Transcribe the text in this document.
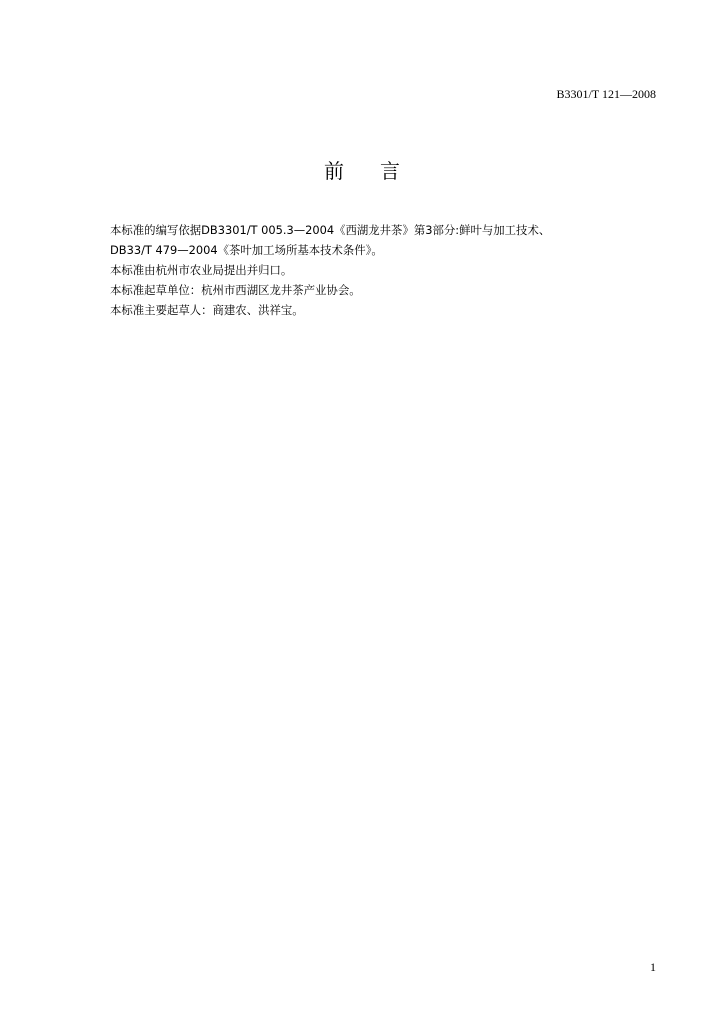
B3301/T 121—2008
前 言

本标准的编写依据DB3301/T 005.3—2004《西湖龙井茶》第3部分:鲜叶与加工技术、

DB33/T 479—2004《茶叶加工场所基本技术条件》。

本标准由杭州市农业局提出并归口。

本标准起草单位：杭州市西湖区龙井茶产业协会。

本标准主要起草人：商建农、洪祥宝。

1
